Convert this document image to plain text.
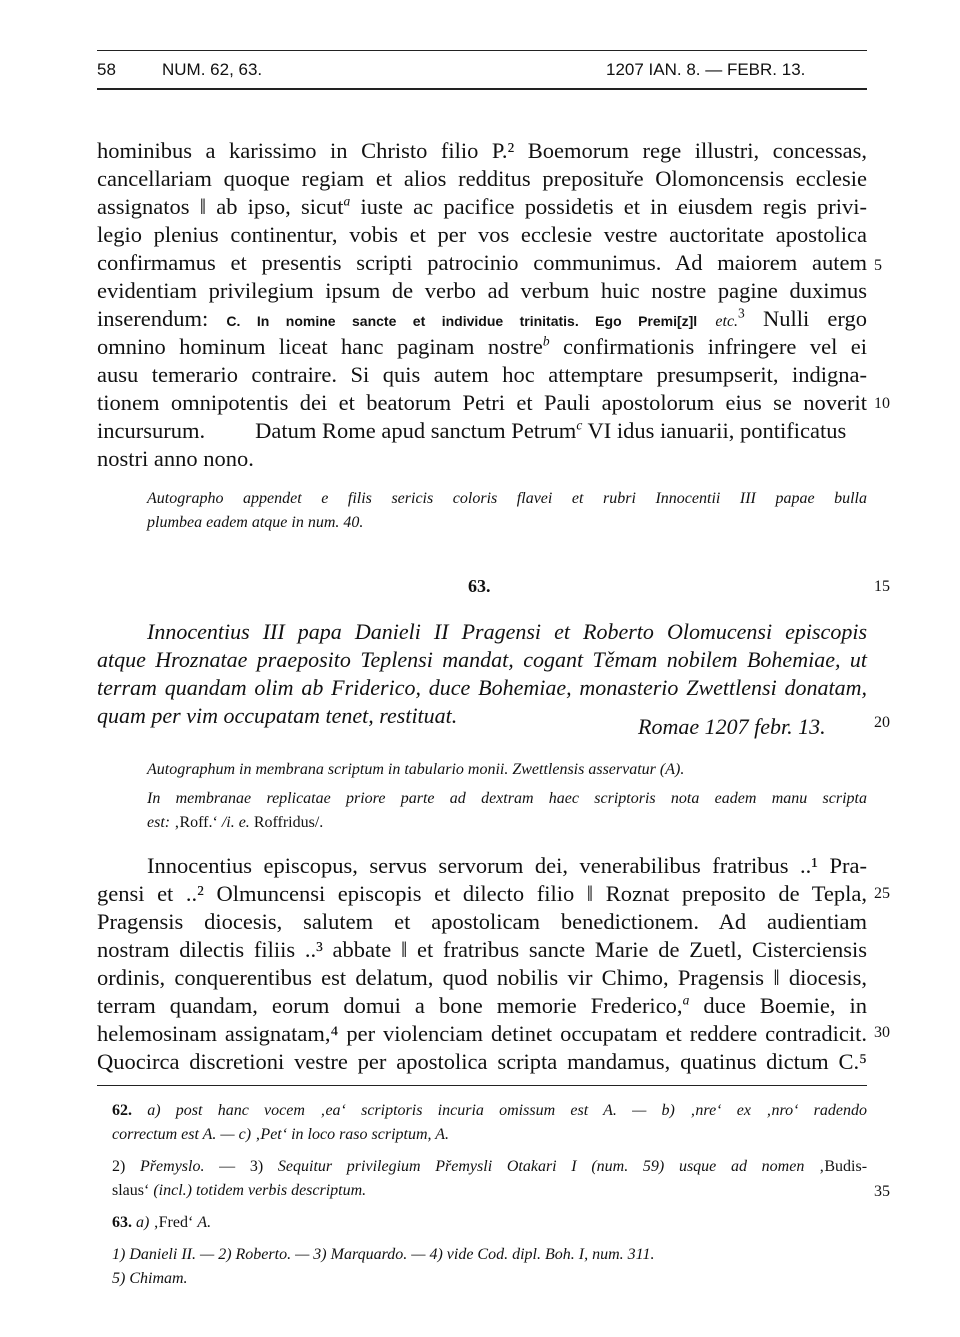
58	NUM. 62, 63.	1207 IAN. 8. — FEBR. 13.
hominibus a karissimo in Christo filio P.² Boemorum rege illustri, concessas,
cancellariam quoque regiam et alios redditus preposituře Olomoncensis ecclesie
assignatos ‖ ab ipso, sicut$^a$ iuste ac pacifice possidetis et in eiusdem regis privi-
legio plenius continentur, vobis et per vos ecclesie vestre auctoritate apostolica
confirmamus et presentis scripti patrocinio communimus. Ad maiorem autem
evidentiam privilegium ipsum de verbo ad verbum huic nostre pagine duximus
inserendum: C. In nomine sancte et individue trinitatis. Ego Premi[z]l etc.$^3$ Nulli ergo
omnino hominum liceat hanc paginam nostre$^b$ confirmationis infringere vel ei
ausu temerario contraire. Si quis autem hoc attemptare presumpserit, indigna-
tionem omnipotentis dei et beatorum Petri et Pauli apostolorum eius se noverit
incursurum. Datum Rome apud sanctum Petrum$^c$ VI idus ianuarii, pontificatus
nostri anno nono.
Autographo appendet e filis sericis coloris flavei et rubri Innocentii III papae bulla
plumbea eadem atque in num. 40.
63.
Innocentius III papa Danieli II Pragensi et Roberto Olomucensi episcopis
atque Hroznatae praeposito Teplensi mandat, cogant Těmam nobilem Bohemiae, ut
terram quandam olim ab Friderico, duce Bohemiae, monasterio Zwettlensi donatam,
quam per vim occupatam tenet, restituat.	Romae 1207 febr. 13.
Autographum in membrana scriptum in tabulario monii. Zwettlensis asservatur (A).
In membranae replicatae priore parte ad dextram haec scriptoris nota eadem manu scripta
est: ‚Roff.‘ /i. e. Roffridus/.
Innocentius episcopus, servus servorum dei, venerabilibus fratribus ..¹ Pra-
gensi et ..² Olmuncensi episcopis et dilecto filio ‖ Roznat preposito de Tepla,
Pragensis diocesis, salutem et apostolicam benedictionem. Ad audientiam
nostram dilectis filiis ..³ abbate ‖ et fratribus sancte Marie de Zuetl, Cisterciensis
ordinis, conquerentibus est delatum, quod nobilis vir Chimo, Pragensis ‖ diocesis,
terram quandam, eorum domui a bone memorie Frederico,$^a$ duce Boemie, in
helemosinam assignatam,⁴ per violenciam detinet occupatam et reddere contradicit.
Quocirca discretioni vestre per apostolica scripta mandamus, quatinus dictum C.⁵
5
10
15
20
25
30
35
62. a) post hanc vocem ‚ea‘ scriptoris incuria omissum est A. — b) ‚nre‘ ex ‚nro‘ radendo
correctum est A. — c) ‚Pet‘ in loco raso scriptum, A.
2) Přemyslo. — 3) Sequitur privilegium Přemysli Otakari I (num. 59) usque ad nomen ‚Budis-
slaus‘ (incl.) totidem verbis descriptum.
63. a) ‚Fred‘ A.
1) Danieli II. — 2) Roberto. — 3) Marquardo. — 4) vide Cod. dipl. Boh. I, num. 311.
5) Chimam.
